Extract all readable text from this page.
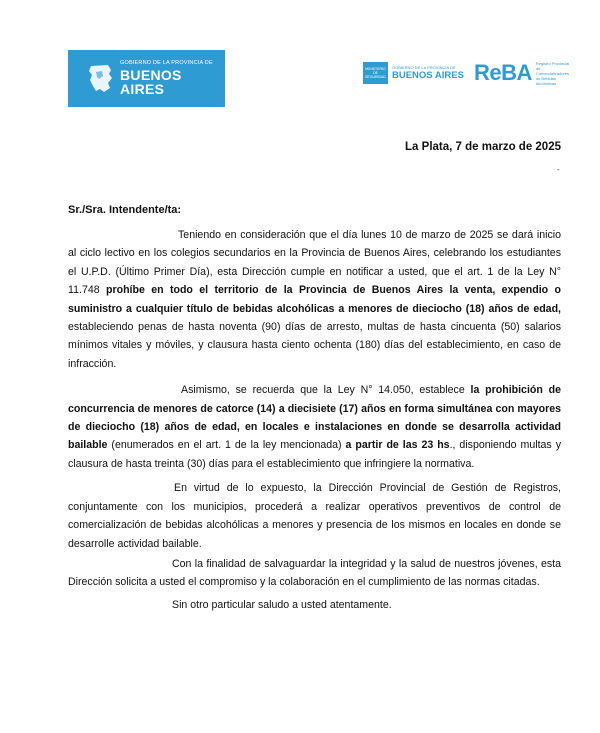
GOBIERNO DE LA PROVINCIA DE
BUENOS AIRES
MINISTERIO DE SEGURIDAD
GOBIERNO DE LA PROVINCIA DE
BUENOS AIRES ReBA Registro Provincial de Comercializadores de Bebidas Alcohólicas
La Plata, 7 de marzo de 2025
-
Sr./Sra. Intendente/ta:

Teniendo en consideración que el día lunes 10 de marzo de 2025 se dará inicio al ciclo lectivo en los colegios secundarios en la Provincia de Buenos Aires, celebrando los estudiantes el U.P.D. (Último Primer Día), esta Dirección cumple en notificar a usted, que el art. 1 de la Ley N° 11.748 prohíbe en todo el territorio de la Provincia de Buenos Aires la venta, expendio o suministro a cualquier título de bebidas alcohólicas a menores de dieciocho (18) años de edad, estableciendo penas de hasta noventa (90) días de arresto, multas de hasta cincuenta (50) salarios mínimos vitales y móviles, y clausura hasta ciento ochenta (180) días del establecimiento, en caso de infracción.

Asimismo, se recuerda que la Ley N° 14.050, establece la prohibición de concurrencia de menores de catorce (14) a diecisiete (17) años en forma simultánea con mayores de dieciocho (18) años de edad, en locales e instalaciones en donde se desarrolla actividad bailable (enumerados en el art. 1 de la ley mencionada) a partir de las 23 hs., disponiendo multas y clausura de hasta treinta (30) días para el establecimiento que infringiere la normativa.

En virtud de lo expuesto, la Dirección Provincial de Gestión de Registros, conjuntamente con los municipios, procederá a realizar operativos preventivos de control de comercialización de bebidas alcohólicas a menores y presencia de los mismos en locales en donde se desarrolle actividad bailable.

Con la finalidad de salvaguardar la integridad y la salud de nuestros jóvenes, esta Dirección solicita a usted el compromiso y la colaboración en el cumplimiento de las normas citadas.

Sin otro particular saludo a usted atentamente.
